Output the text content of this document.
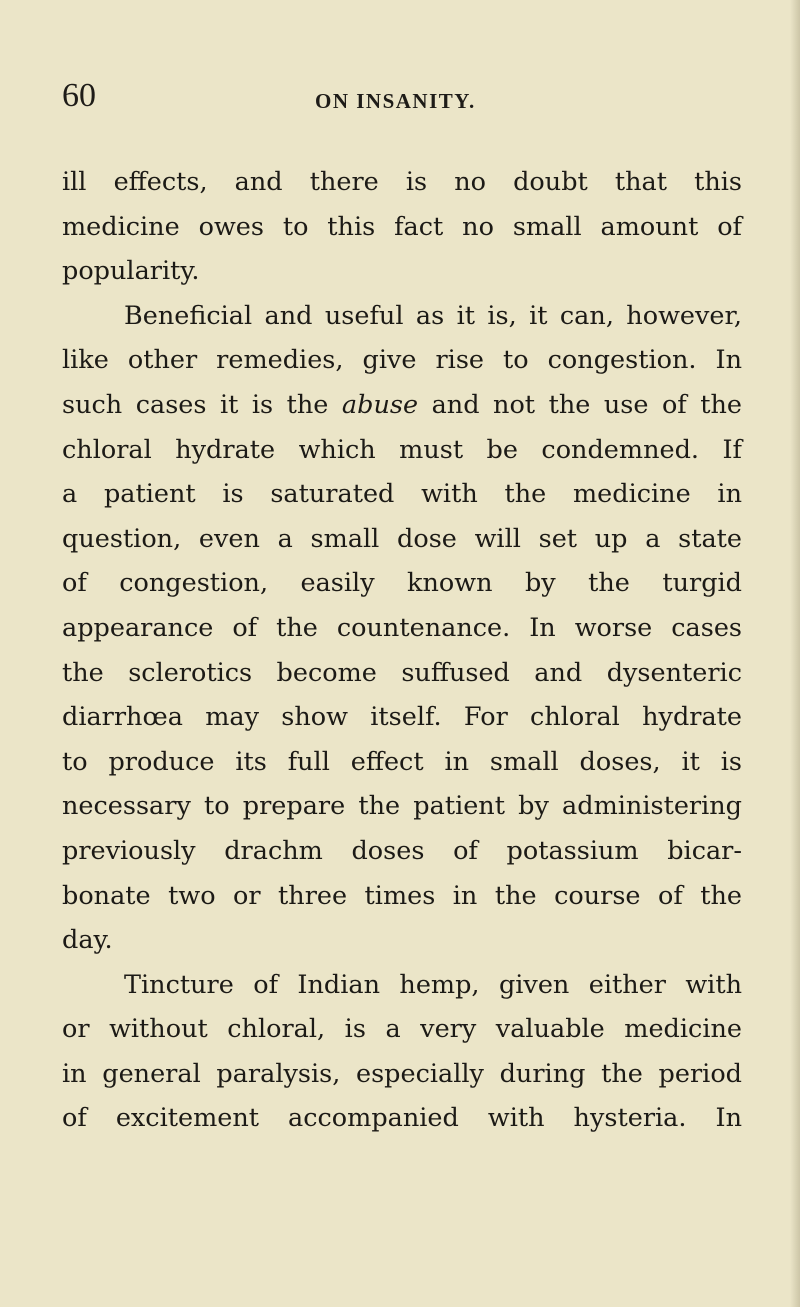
60	ON INSANITY.
ill effects, and there is no doubt that this
medicine owes to this fact no small amount of
popularity.
Beneficial and useful as it is, it can, however,
like other remedies, give rise to congestion. In
such cases it is the abuse and not the use of the
chloral hydrate which must be condemned. If
a patient is saturated with the medicine in
question, even a small dose will set up a state
of congestion, easily known by the turgid
appearance of the countenance. In worse cases
the sclerotics become suffused and dysenteric
diarrhœa may show itself. For chloral hydrate
to produce its full effect in small doses, it is
necessary to prepare the patient by administering
previously drachm doses of potassium bicar-
bonate two or three times in the course of the
day.
Tincture of Indian hemp, given either with
or without chloral, is a very valuable medicine
in general paralysis, especially during the period
of excitement accompanied with hysteria. In
